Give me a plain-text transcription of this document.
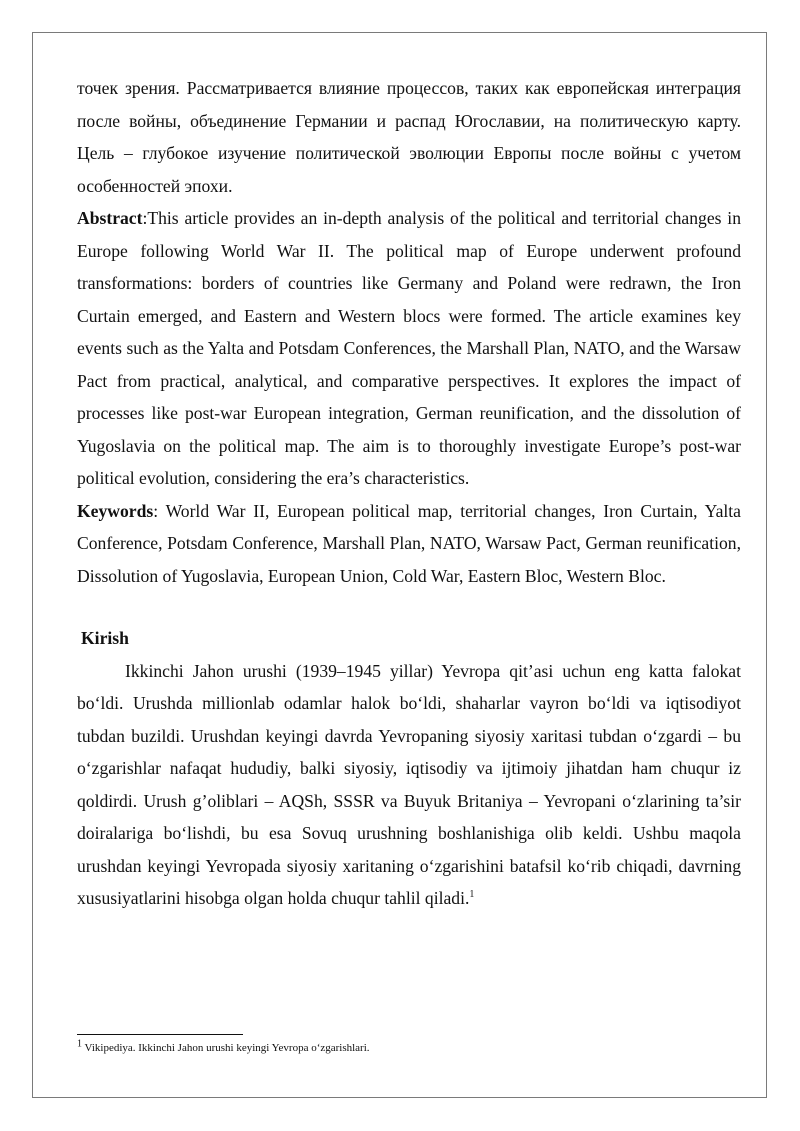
точек зрения. Рассматривается влияние процессов, таких как европейская интеграция после войны, объединение Германии и распад Югославии, на политическую карту. Цель – глубокое изучение политической эволюции Европы после войны с учетом особенностей эпохи.

Abstract:This article provides an in-depth analysis of the political and territorial changes in Europe following World War II. The political map of Europe underwent profound transformations: borders of countries like Germany and Poland were redrawn, the Iron Curtain emerged, and Eastern and Western blocs were formed. The article examines key events such as the Yalta and Potsdam Conferences, the Marshall Plan, NATO, and the Warsaw Pact from practical, analytical, and comparative perspectives. It explores the impact of processes like post-war European integration, German reunification, and the dissolution of Yugoslavia on the political map. The aim is to thoroughly investigate Europe’s post-war political evolution, considering the era’s characteristics.

Keywords: World War II, European political map, territorial changes, Iron Curtain, Yalta Conference, Potsdam Conference, Marshall Plan, NATO, Warsaw Pact, German reunification, Dissolution of Yugoslavia, European Union, Cold War, Eastern Bloc, Western Bloc.

Kirish

Ikkinchi Jahon urushi (1939–1945 yillar) Yevropa qit’asi uchun eng katta falokat bo‘ldi. Urushda millionlab odamlar halok bo‘ldi, shaharlar vayron bo‘ldi va iqtisodiyot tubdan buzildi. Urushdan keyingi davrda Yevropaning siyosiy xaritasi tubdan o‘zgardi – bu o‘zgarishlar nafaqat hududiy, balki siyosiy, iqtisodiy va ijtimoiy jihatdan ham chuqur iz qoldirdi. Urush g’oliblari – AQSh, SSSR va Buyuk Britaniya – Yevropani o‘zlarining ta’sir doiralariga bo‘lishdi, bu esa Sovuq urushning boshlanishiga olib keldi. Ushbu maqola urushdan keyingi Yevropada siyosiy xaritaning o‘zgarishini batafsil ko‘rib chiqadi, davrning xususiyatlarini hisobga olgan holda chuqur tahlil qiladi.$^1$

$^1$ Vikipediya. Ikkinchi Jahon urushi keyingi Yevropa o‘zgarishlari.
